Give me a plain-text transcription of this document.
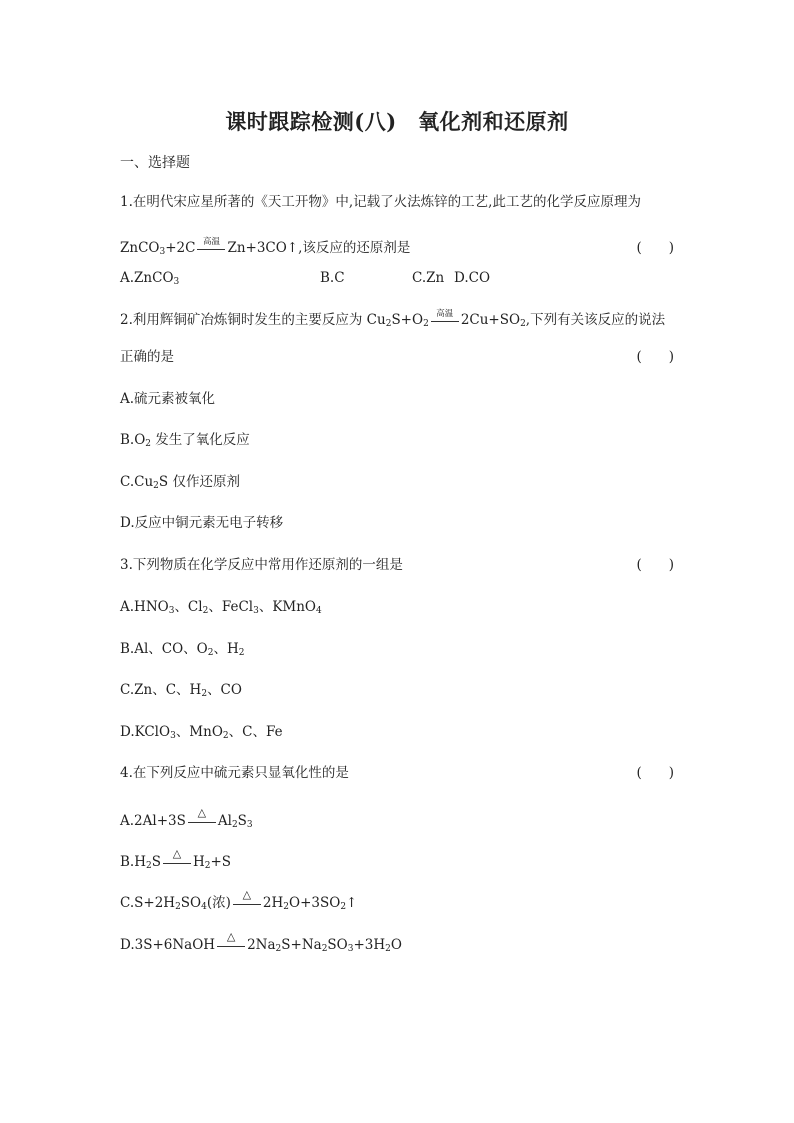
课时跟踪检测(八)　氧化剂和还原剂
一、选择题
1.在明代宋应星所著的《天工开物》中,记载了火法炼锌的工艺,此工艺的化学反应原理为
ZnCO$_3$+2C 高温 Zn+3CO↑,该反应的还原剂是	(　　)
A.ZnCO$_3$	B.C	C.Zn D.CO
2.利用辉铜矿冶炼铜时发生的主要反应为 $Cu_2S+O_2$
高温 $2Cu+SO_2$,下列有关该反应的说法
正确的是	(　　)
A.硫元素被氧化
$B.O_2$ 发生了氧化反应
$C.Cu_2S$ 仅作还原剂
D.反应中铜元素无电子转移
3.下列物质在化学反应中常用作还原剂的一组是	(　　)
$A.HNO_3$、$Cl_2$、FeCl$_3$、KMnO$_4$
B.Al、CO、$O_2$、$H_2$
C.Zn、C、$H_2$、CO
D.KClO$_3$、MnO$_2$、C、Fe
4.在下列反应中硫元素只显氧化性的是	(　　)
A.2Al+3S
△
$Al_2S_3$
$B.H_2S$
△
$H_2+S$
$C.S+2H_2SO_4$(浓)
△
$2H_2O+3SO_2↑$
D.3S+6NaOH
△
$2Na_2S+Na_2SO_3+3H_2O$
